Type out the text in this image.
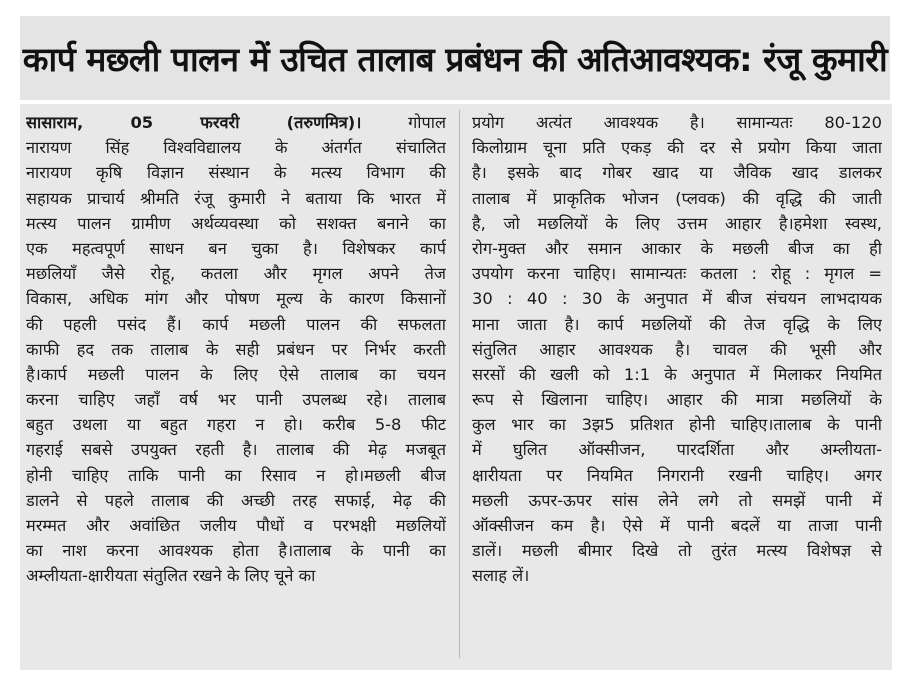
कार्प मछली पालन में उचित तालाब प्रबंधन की अतिआवश्यक: रंजू कुमारी
सासाराम, 05 फरवरी (तरुणमित्र)। गोपाल
नारायण सिंह विश्वविद्यालय के अंतर्गत संचालित
नारायण कृषि विज्ञान संस्थान के मत्स्य विभाग की
सहायक प्राचार्य श्रीमति रंजू कुमारी ने बताया कि भारत में
मत्स्य पालन ग्रामीण अर्थव्यवस्था को सशक्त बनाने का
एक महत्वपूर्ण साधन बन चुका है। विशेषकर कार्प
मछलियाँ जैसे रोहू, कतला और मृगल अपने तेज
विकास, अधिक मांग और पोषण मूल्य के कारण किसानों
की पहली पसंद हैं। कार्प मछली पालन की सफलता
काफी हद तक तालाब के सही प्रबंधन पर निर्भर करती
है।कार्प मछली पालन के लिए ऐसे तालाब का चयन
करना चाहिए जहाँ वर्ष भर पानी उपलब्ध रहे। तालाब
बहुत उथला या बहुत गहरा न हो। करीब 5-8 फीट
गहराई सबसे उपयुक्त रहती है। तालाब की मेढ़ मजबूत
होनी चाहिए ताकि पानी का रिसाव न हो।मछली बीज
डालने से पहले तालाब की अच्छी तरह सफाई, मेढ़ की
मरम्मत और अवांछित जलीय पौधों व परभक्षी मछलियों
का नाश करना आवश्यक होता है।तालाब के पानी का
अम्लीयता-क्षारीयता संतुलित रखने के लिए चूने का
प्रयोग अत्यंत आवश्यक है। सामान्यतः 80-120
किलोग्राम चूना प्रति एकड़ की दर से प्रयोग किया जाता
है। इसके बाद गोबर खाद या जैविक खाद डालकर
तालाब में प्राकृतिक भोजन (प्लवक) की वृद्धि की जाती
है, जो मछलियों के लिए उत्तम आहार है।हमेशा स्वस्थ,
रोग-मुक्त और समान आकार के मछली बीज का ही
उपयोग करना चाहिए। सामान्यतः कतला : रोहू : मृगल =
30 : 40 : 30 के अनुपात में बीज संचयन लाभदायक
माना जाता है। कार्प मछलियों की तेज वृद्धि के लिए
संतुलित आहार आवश्यक है। चावल की भूसी और
सरसों की खली को 1:1 के अनुपात में मिलाकर नियमित
रूप से खिलाना चाहिए। आहार की मात्रा मछलियों के
कुल भार का 3झ5 प्रतिशत होनी चाहिए।तालाब के पानी
में घुलित ऑक्सीजन, पारदर्शिता और अम्लीयता-
क्षारीयता पर नियमित निगरानी रखनी चाहिए। अगर
मछली ऊपर-ऊपर सांस लेने लगे तो समझें पानी में
ऑक्सीजन कम है। ऐसे में पानी बदलें या ताजा पानी
डालें। मछली बीमार दिखे तो तुरंत मत्स्य विशेषज्ञ से
सलाह लें।
